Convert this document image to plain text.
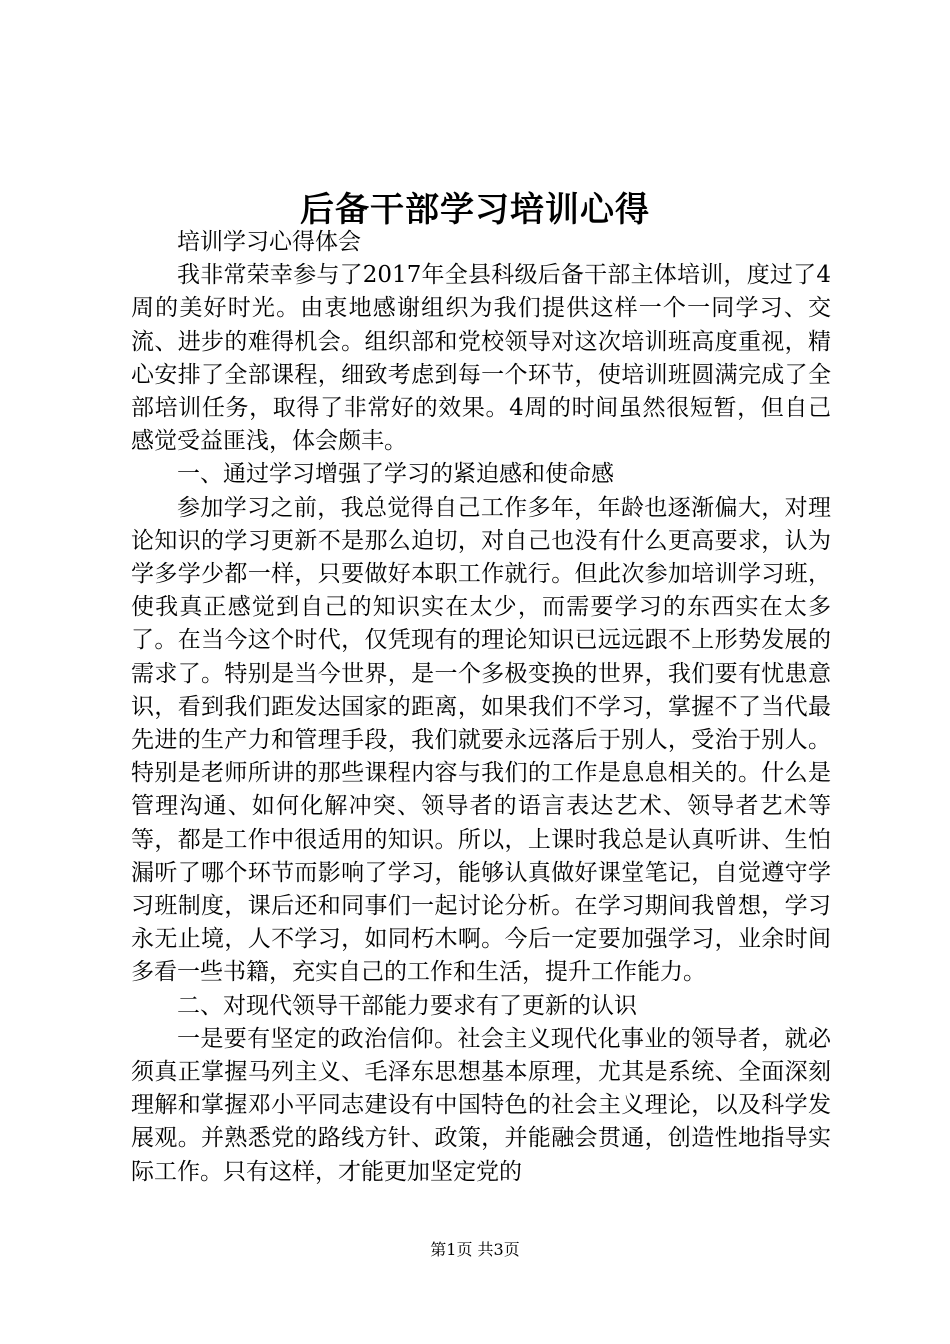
后备干部学习培训心得

培训学习心得体会

我非常荣幸参与了2017年全县科级后备干部主体培训，度过了4周的美好时光。由衷地感谢组织为我们提供这样一个一同学习、交流、进步的难得机会。组织部和党校领导对这次培训班高度重视，精心安排了全部课程，细致考虑到每一个环节，使培训班圆满完成了全部培训任务，取得了非常好的效果。4周的时间虽然很短暂，但自己感觉受益匪浅，体会颇丰。

一、通过学习增强了学习的紧迫感和使命感

参加学习之前，我总觉得自己工作多年，年龄也逐渐偏大，对理论知识的学习更新不是那么迫切，对自己也没有什么更高要求，认为学多学少都一样，只要做好本职工作就行。但此次参加培训学习班，使我真正感觉到自己的知识实在太少，而需要学习的东西实在太多了。在当今这个时代，仅凭现有的理论知识已远远跟不上形势发展的需求了。特别是当今世界，是一个多极变换的世界，我们要有忧患意识，看到我们距发达国家的距离，如果我们不学习，掌握不了当代最先进的生产力和管理手段，我们就要永远落后于别人，受治于别人。特别是老师所讲的那些课程内容与我们的工作是息息相关的。什么是管理沟通、如何化解冲突、领导者的语言表达艺术、领导者艺术等等，都是工作中很适用的知识。所以，上课时我总是认真听讲、生怕漏听了哪个环节而影响了学习，能够认真做好课堂笔记，自觉遵守学习班制度，课后还和同事们一起讨论分析。在学习期间我曾想，学习永无止境，人不学习，如同朽木啊。今后一定要加强学习，业余时间多看一些书籍，充实自己的工作和生活，提升工作能力。

二、对现代领导干部能力要求有了更新的认识

一是要有坚定的政治信仰。社会主义现代化事业的领导者，就必须真正掌握马列主义、毛泽东思想基本原理，尤其是系统、全面深刻理解和掌握邓小平同志建设有中国特色的社会主义理论，以及科学发展观。并熟悉党的路线方针、政策，并能融会贯通，创造性地指导实际工作。只有这样，才能更加坚定党的

第1页 共3页
